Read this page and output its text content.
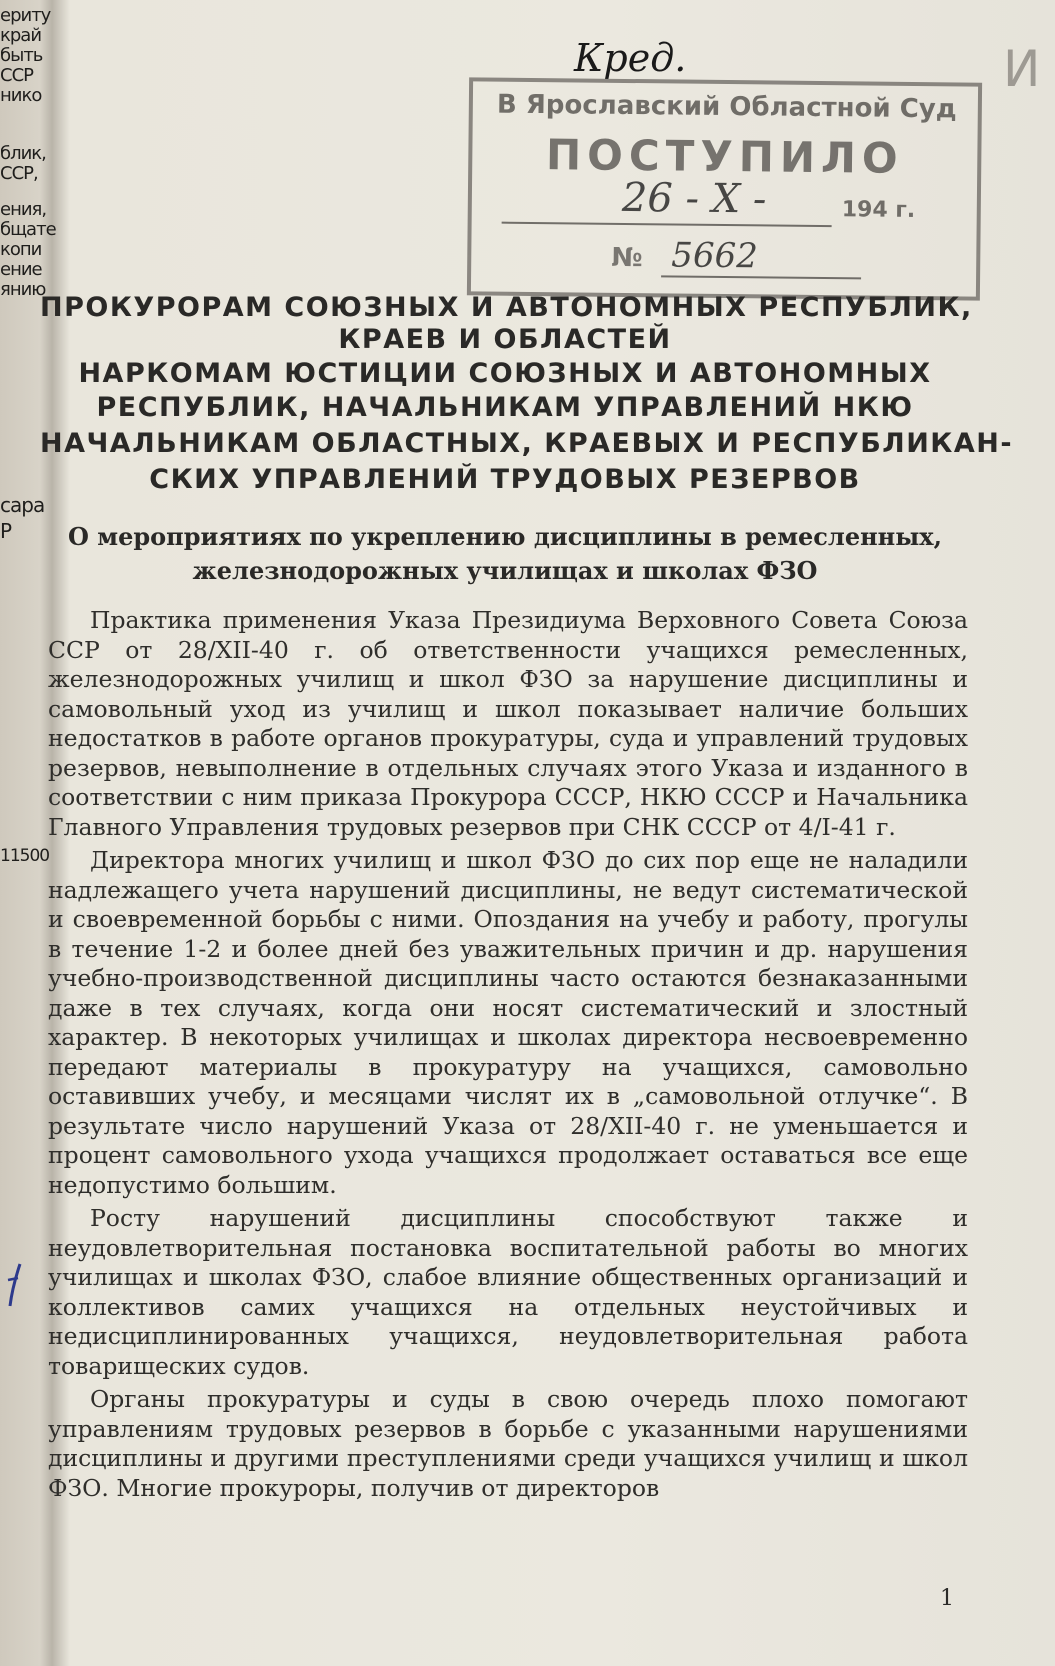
ериту
край
быть
ССР
нико
блик,
ССР,
ения,
бщате
копи
ение
янию
сара
Р
11500
И
Кред.
В Ярославский Областной Суд
ПОСТУПИЛО
26 - Х -	194 г.
№ 5662
ПРОКУРОРАМ СОЮЗНЫХ И АВТОНОМНЫХ РЕСПУБЛИК,
КРАЕВ И ОБЛАСТЕЙ
НАРКОМАМ ЮСТИЦИИ СОЮЗНЫХ И АВТОНОМНЫХ
РЕСПУБЛИК, НАЧАЛЬНИКАМ УПРАВЛЕНИЙ НКЮ
НАЧАЛЬНИКАМ ОБЛАСТНЫХ, КРАЕВЫХ И РЕСПУБЛИКАН-
СКИХ УПРАВЛЕНИЙ ТРУДОВЫХ РЕЗЕРВОВ
О мероприятиях по укреплению дисциплины в ремесленных,
железнодорожных училищах и школах ФЗО

Практика применения Указа Президиума Верховного Совета Союза ССР от 28/XII-40 г. об ответственности учащихся ремесленных, железнодорожных училищ и школ ФЗО за нарушение дисциплины и самовольный уход из училищ и школ показывает наличие больших недостатков в работе органов прокуратуры, суда и управлений трудовых резервов, невыполнение в отдельных случаях этого Указа и изданного в соответствии с ним приказа Прокурора СССР, НКЮ СССР и Начальника Главного Управления трудовых резервов при СНК СССР от 4/I-41 г.

Директора многих училищ и школ ФЗО до сих пор еще не наладили надлежащего учета нарушений дисциплины, не ведут систематической и своевременной борьбы с ними. Опоздания на учебу и работу, прогулы в течение 1-2 и более дней без уважительных причин и др. нарушения учебно-производственной дисциплины часто остаются безнаказанными даже в тех случаях, когда они носят систематический и злостный характер. В некоторых училищах и школах директора несвоевременно передают материалы в прокуратуру на учащихся, самовольно оставивших учебу, и месяцами числят их в „самовольной отлучке“. В результате число нарушений Указа от 28/XII-40 г. не уменьшается и процент самовольного ухода учащихся продолжает оставаться все еще недопустимо большим.

Росту нарушений дисциплины способствуют также и неудовлетворительная постановка воспитательной работы во многих училищах и школах ФЗО, слабое влияние общественных организаций и коллективов самих учащихся на отдельных неустойчивых и недисциплинированных учащихся, неудовлетворительная работа товарищеских судов.

Органы прокуратуры и суды в свою очередь плохо помогают управлениям трудовых резервов в борьбе с указанными нарушениями дисциплины и другими преступлениями среди учащихся училищ и школ ФЗО. Многие прокуроры, получив от директоров

1
